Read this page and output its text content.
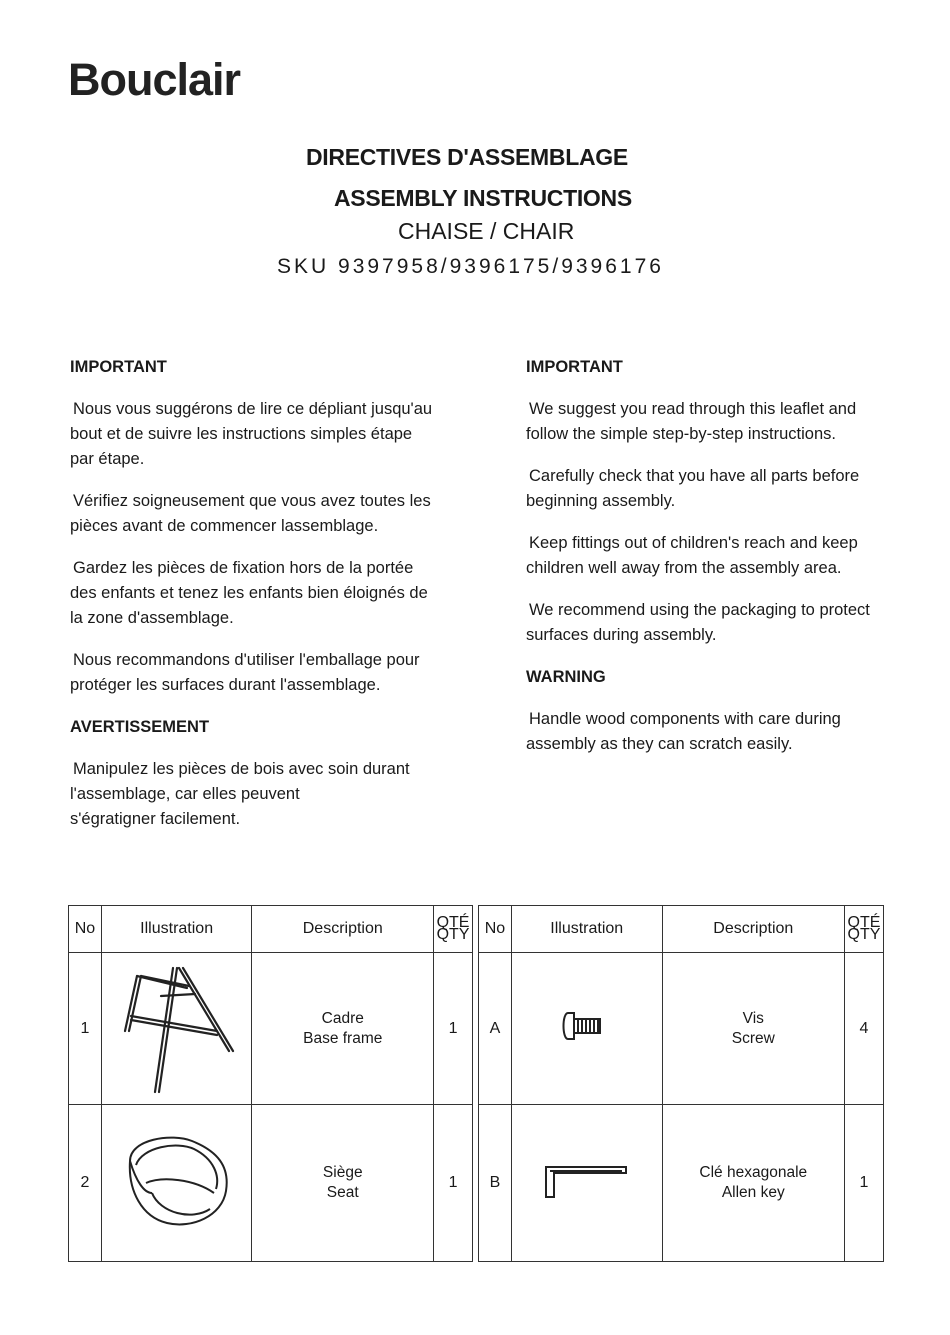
Bouclair
DIRECTIVES D'ASSEMBLAGE
ASSEMBLY INSTRUCTIONS
CHAISE / CHAIR
SKU 9397958/9396175/9396176
IMPORTANT

Nous vous suggérons de lire ce dépliant jusqu'au bout et de suivre les instructions simples étape par étape.

Vérifiez soigneusement que vous avez toutes les pièces avant de commencer lassemblage.

Gardez les pièces de fixation hors de la portée des enfants et tenez les enfants bien éloignés de la zone d'assemblage.

Nous recommandons d'utiliser l'emballage pour protéger les surfaces durant l'assemblage.

AVERTISSEMENT

Manipulez les pièces de bois avec soin durant
l'assemblage, car elles peuvent
s'égratigner facilement.

IMPORTANT

We suggest you read through this leaflet and follow the simple step-by-step instructions.

Carefully check that you have all parts before beginning assembly.

Keep fittings out of children's reach and keep children well away from the assembly area.

We recommend using the packaging to protect surfaces during assembly.

WARNING

Handle wood components with care during assembly as they can scratch easily.

No	Illustration	Description	QTÉ
QTY
1		Cadre
Base frame	1
2		Siège
Seat	1
No	Illustration	Description	QTÉ
QTY
A		Vis
Screw	4
B		Clé hexagonale
Allen key	1
